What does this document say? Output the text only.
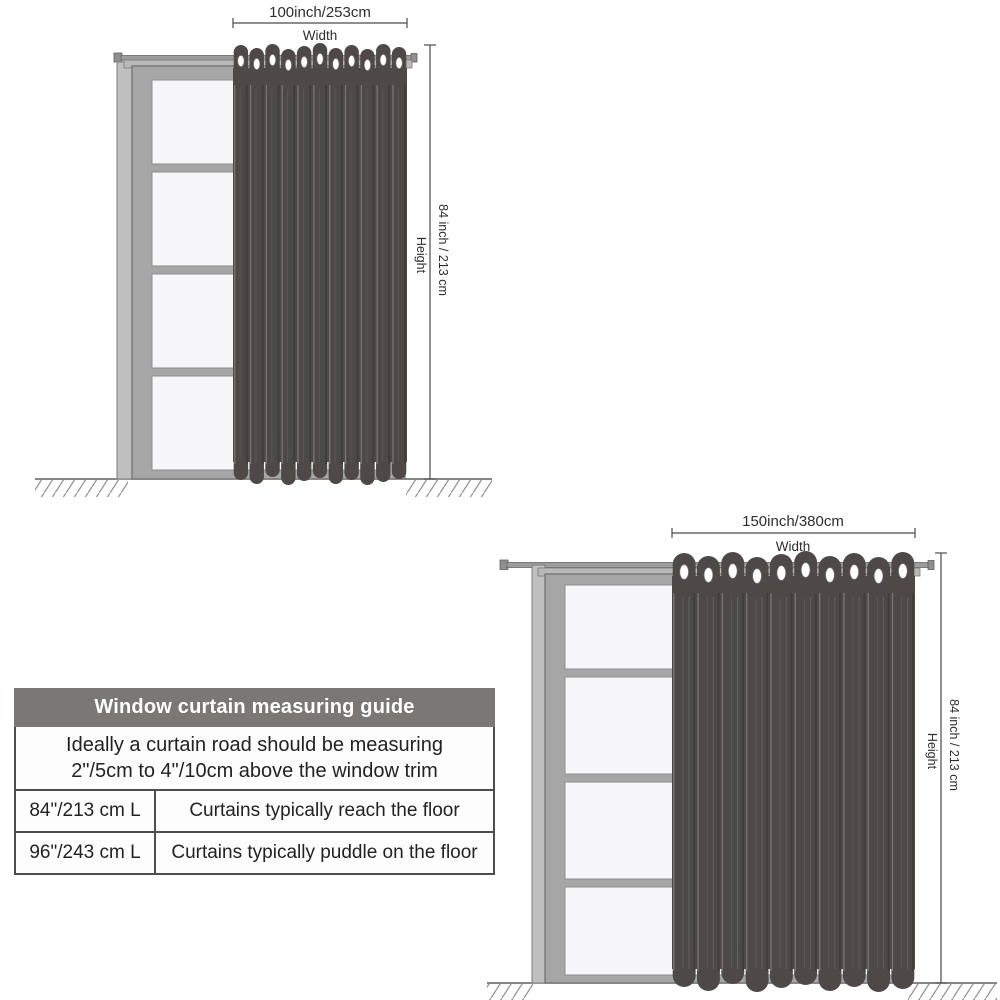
100inch/253cm
Width
84 inch / 213 cm
Height
150inch/380cm
Width
84 inch / 213 cm
Height
Window curtain measuring guide
Ideally a curtain road should be measuring
2"/5cm to 4"/10cm above the window trim
84"/213 cm L	Curtains typically reach the floor
96"/243 cm L	Curtains typically puddle on the floor
